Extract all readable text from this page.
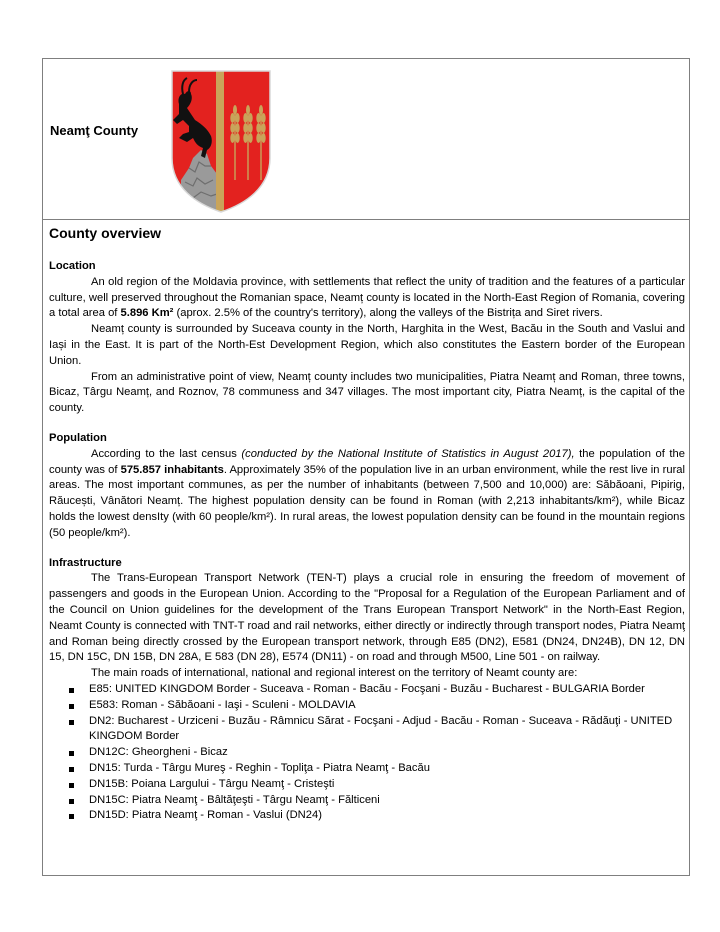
Neamţ County
County overview
Location

An old region of the Moldavia province, with settlements that reflect the unity of tradition and the features of a particular culture, well preserved throughout the Romanian space, Neamț county is located in the North-East Region of Romania, covering a total area of 5.896 Km² (aprox. 2.5% of the country's territory), along the valleys of the Bistrița and Siret rivers.

Neamț county is surrounded by Suceava county in the North, Harghita in the West, Bacău in the South and Vaslui and Iași in the East. It is part of the North-Est Development Region, which also constitutes the Eastern border of the European Union.

From an administrative point of view, Neamț county includes two municipalities, Piatra Neamț and Roman, three towns, Bicaz, Târgu Neamț, and Roznov, 78 communess and 347 villages. The most important city, Piatra Neamț, is the capital of the county.

Population

According to the last census (conducted by the National Institute of Statistics in August 2017), the population of the county was of 575.857 inhabitants. Approximately 35% of the population live in an urban environment, while the rest live in rural areas. The most important communes, as per the number of inhabitants (between 7,500 and 10,000) are: Săbăoani, Pipirig, Răucești, Vânători Neamț. The highest population density can be found in Roman (with 2,213 inhabitants/km²), while Bicaz holds the lowest densIty (with 60 people/km²). In rural areas, the lowest population density can be found in the mountain regions (50 people/km²).

Infrastructure

The Trans-European Transport Network (TEN-T) plays a crucial role in ensuring the freedom of movement of passengers and goods in the European Union. According to the "Proposal for a Regulation of the European Parliament and of the Council on Union guidelines for the development of the Trans European Transport Network" in the North-East Region, Neamt County is connected with TNT-T road and rail networks, either directly or indirectly through transport nodes, Piatra Neamţ and Roman being directly crossed by the European transport network, through E85 (DN2), E581 (DN24, DN24B), DN 12, DN 15, DN 15C, DN 15B, DN 28A, E 583 (DN 28), E574 (DN11) - on road and through M500, Line 501 - on railway.

The main roads of international, national and regional interest on the territory of Neamt county are:

E85: UNITED KINGDOM Border - Suceava - Roman - Bacău - Focşani - Buzău - Bucharest - BULGARIA Border
E583: Roman - Săbăoani - Iaşi - Sculeni - MOLDAVIA
DN2: Bucharest - Urziceni - Buzău - Râmnicu Sărat - Focşani - Adjud - Bacău - Roman - Suceava - Rădăuţi - UNITED KINGDOM Border
DN12C: Gheorgheni - Bicaz
DN15: Turda - Târgu Mureş - Reghin - Topliţa - Piatra Neamţ - Bacău
DN15B: Poiana Largului - Târgu Neamţ - Cristeşti
DN15C: Piatra Neamţ - Bâltăţeşti - Târgu Neamţ - Fălticeni
DN15D: Piatra Neamţ - Roman - Vaslui (DN24)
